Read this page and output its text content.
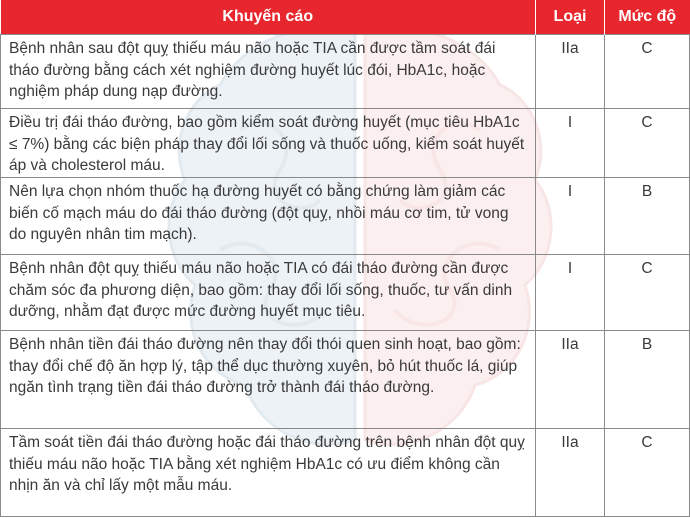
Khuyến cáo	Loại	Mức độ
Bệnh nhân sau đột quỵ thiếu máu não hoặc TIA cần được tầm soát đái tháo đường bằng cách xét nghiệm đường huyết lúc đói, HbA1c, hoặc nghiệm pháp dung nạp đường.	IIa	C
Điều trị đái tháo đường, bao gồm kiểm soát đường huyết (mục tiêu HbA1c ≤ 7%) bằng các biện pháp thay đổi lối sống và thuốc uống, kiểm soát huyết áp và cholesterol máu.	I	C
Nên lựa chọn nhóm thuốc hạ đường huyết có bằng chứng làm giảm các biến cố mạch máu do đái tháo đường (đột quỵ, nhồi máu cơ tim, tử vong do nguyên nhân tim mạch).	I	B
Bệnh nhân đột quỵ thiếu máu não hoặc TIA có đái tháo đường cần được chăm sóc đa phương diện, bao gồm: thay đổi lối sống, thuốc, tư vấn dinh dưỡng, nhằm đạt được mức đường huyết mục tiêu.	I	C
Bệnh nhân tiền đái tháo đường nên thay đổi thói quen sinh hoạt, bao gồm: thay đổi chế độ ăn hợp lý, tập thể dục thường xuyên, bỏ hút thuốc lá, giúp ngăn tình trạng tiền đái tháo đường trở thành đái tháo đường.	IIa	B
Tầm soát tiền đái tháo đường hoặc đái tháo đường trên bệnh nhân đột quỵ thiếu máu não hoặc TIA bằng xét nghiệm HbA1c có ưu điểm không cần nhịn ăn và chỉ lấy một mẫu máu.	IIa	C
